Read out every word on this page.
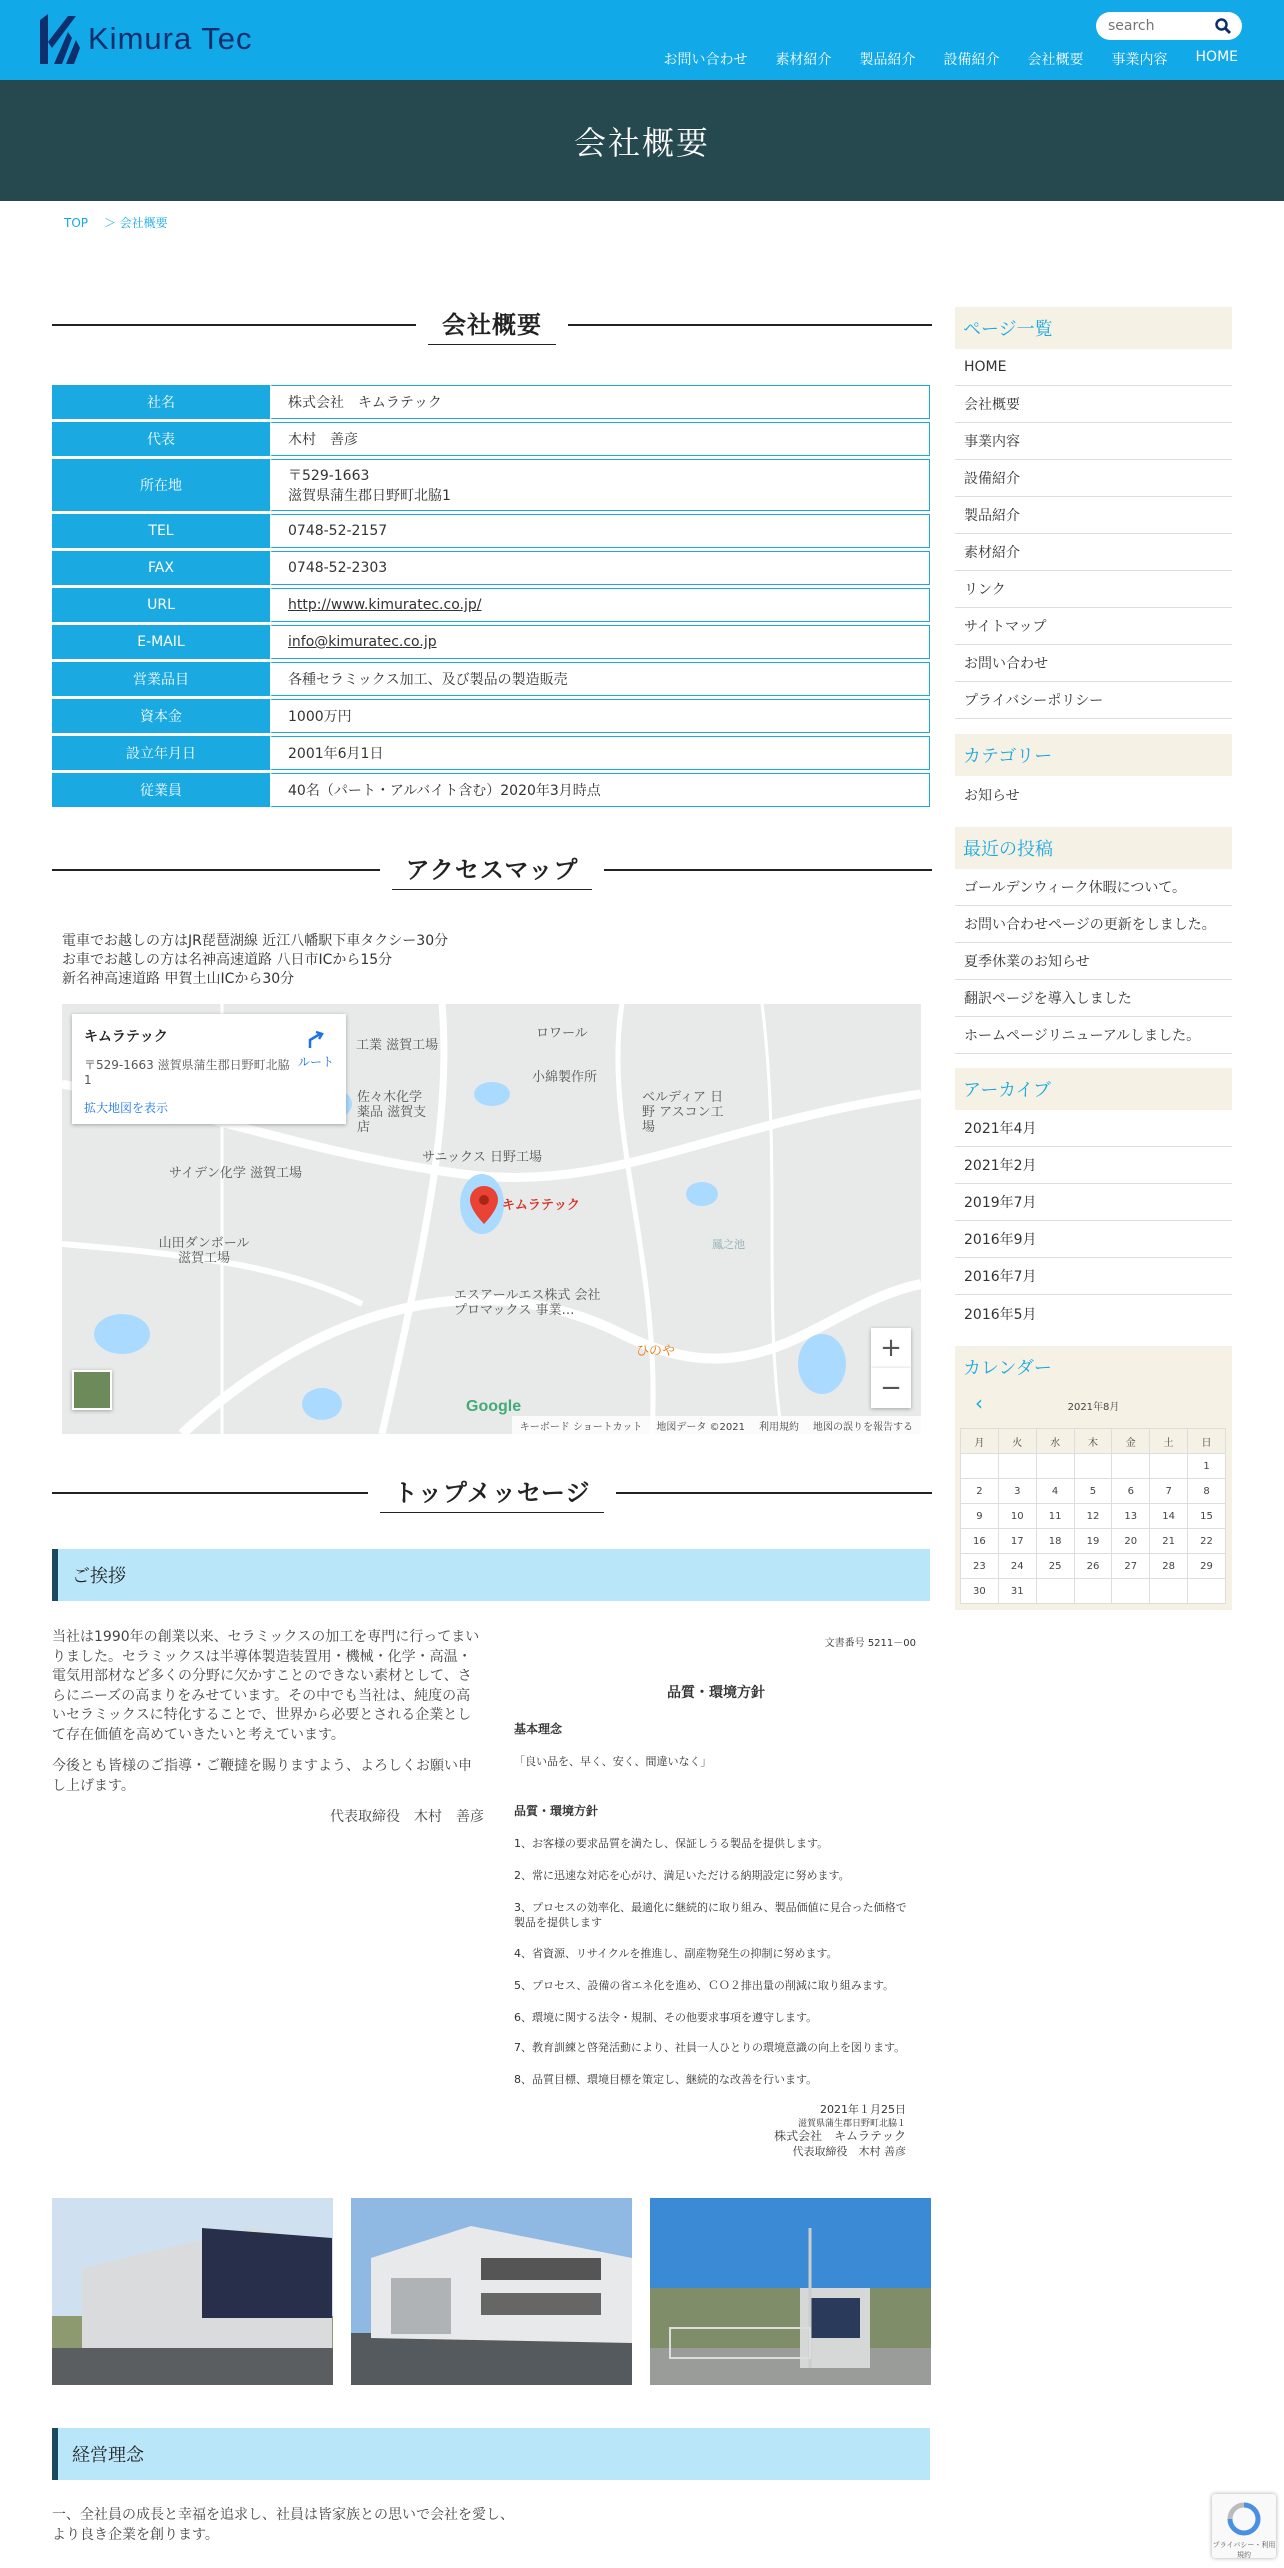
Kimura Tec
search
お問い合わせ 素材紹介 製品紹介 設備紹介 会社概要 事業内容 HOME
会社概要
TOP ＞ 会社概要
会社概要
社名	株式会社　キムラテック
代表	木村　善彦
所在地	〒529-1663
滋賀県蒲生郡日野町北脇1

TEL	0748-52-2157
FAX	0748-52-2303
URL	http://www.kimuratec.co.jp/
E-MAIL	info@kimuratec.co.jp
営業品目	各種セラミックス加工、及び製品の製造販売
資本金	1000万円
設立年月日	2001年6月1日
従業員	40名（パート・アルバイト含む）2020年3月時点
アクセスマップ
電車でお越しの方はJR琵琶湖線 近江八幡駅下車タクシー30分
お車でお越しの方は名神高速道路 八日市ICから15分
新名神高速道路 甲賀土山ICから30分
キムラテック
〒529-1663 滋賀県蒲生郡日野町北脇
1
拡大地図を表示
ルート
ロワール
小綿製作所
ベルディア 日野 アスコン工場
佐々木化学 薬品 滋賀支店
サニックス 日野工場
サイデン化学 滋賀工場
山田ダンボール 滋賀工場
エスアールエス株式 会社 プロマックス 事業…
ひのや
鳳之池
工業 滋賀工場
キムラテック
+
−
Google
キーボード ショートカット 地図データ ©2021 利用規約 地図の誤りを報告する
トップメッセージ
ご挨拶

当社は1990年の創業以来、セラミックスの加工を専門に行ってまいりました。セラミックスは半導体製造装置用・機械・化学・高温・電気用部材など多くの分野に欠かすことのできない素材として、さらにニーズの高まりをみせています。その中でも当社は、純度の高いセラミックスに特化することで、世界から必要とされる企業として存在価値を高めていきたいと考えています。

今後とも皆様のご指導・ご鞭撻を賜りますよう、よろしくお願い申し上げます。

代表取締役　木村　善彦
文書番号 5211－00
品質・環境方針
基本理念
「良い品を、早く、安く、間違いなく」
品質・環境方針
1、お客様の要求品質を満たし、保証しうる製品を提供します。
2、常に迅速な対応を心がけ、満足いただける納期設定に努めます。
3、プロセスの効率化、最適化に継続的に取り組み、製品価値に見合った価格で製品を提供します
4、省資源、リサイクルを推進し、副産物発生の抑制に努めます。
5、プロセス、設備の省エネ化を進め、ＣＯ２排出量の削減に取り組みます。
6、環境に関する法令・規制、その他要求事項を遵守します。
7、教育訓練と啓発活動により、社員一人ひとりの環境意識の向上を図ります。
8、品質目標、環境目標を策定し、継続的な改善を行います。
2021年１月25日
滋賀県蒲生郡日野町北脇１
株式会社　キムラテック
代表取締役　木村 善彦
経営理念
一、全社員の成長と幸福を追求し、社員は皆家族との思いで会社を愛し、
より良き企業を創ります。
ページ一覧
HOME
会社概要
事業内容
設備紹介
製品紹介
素材紹介
リンク
サイトマップ
お問い合わせ
プライバシーポリシー
カテゴリー
お知らせ
最近の投稿
ゴールデンウィーク休暇について。
お問い合わせページの更新をしました。
夏季休業のお知らせ
翻訳ページを導入しました
ホームページリニューアルしました。
アーカイブ
2021年4月
2021年2月
2019年7月
2016年9月
2016年7月
2016年5月
カレンダー
‹	2021年8月
月	火	水	木	金	土	日
						1
2	3	4	5	6	7	8
9	10	11	12	13	14	15
16	17	18	19	20	21	22
23	24	25	26	27	28	29
30	31					
プライバシー・利用規約
